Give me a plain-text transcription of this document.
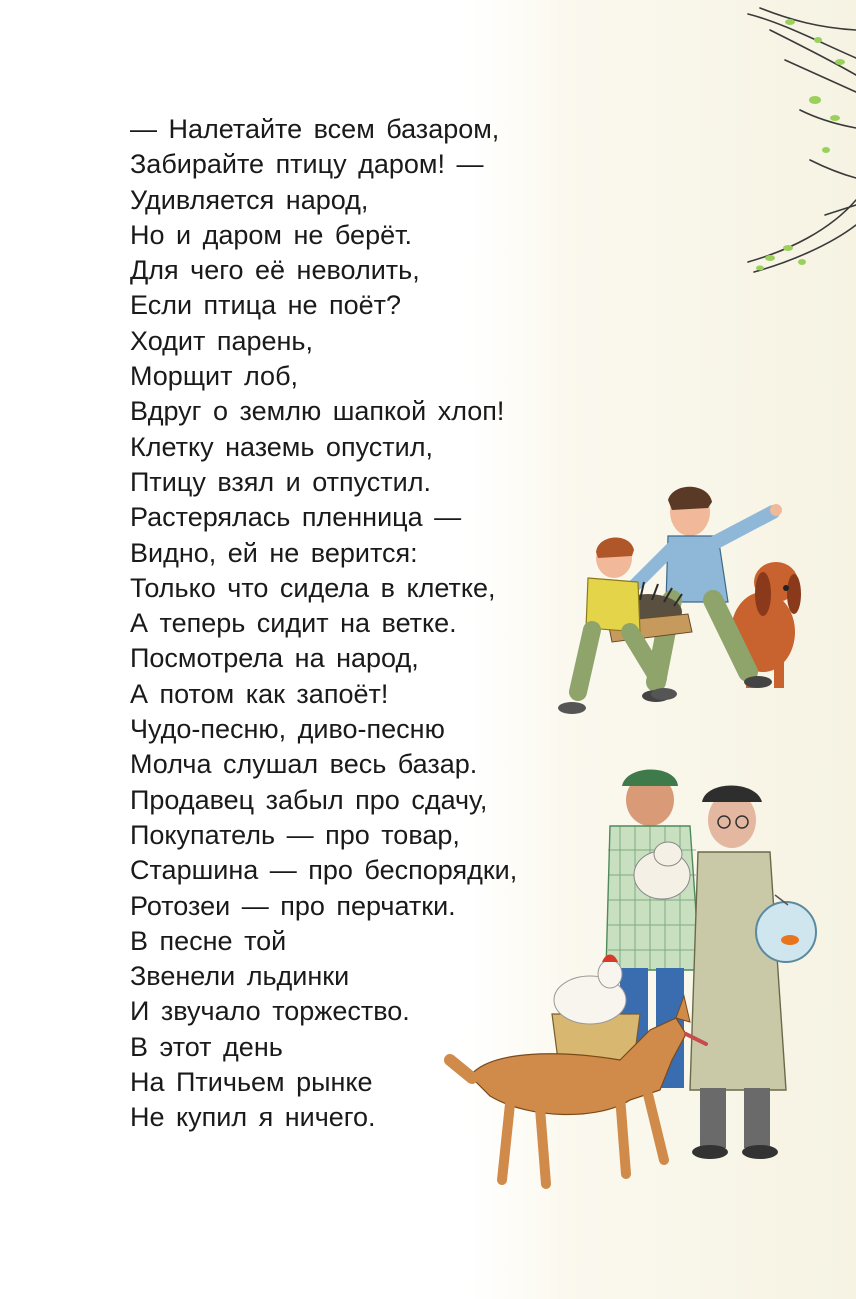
— Налетайте всем базаром,
Забирайте птицу даром! —
Удивляется народ,
Но и даром не берёт.
Для чего её неволить,
Если птица не поёт?
Ходит парень,
Морщит лоб,
Вдруг о землю шапкой хлоп!
Клетку наземь опустил,
Птицу взял и отпустил.
Растерялась пленница —
Видно, ей не верится:
Только что сидела в клетке,
А теперь сидит на ветке.
Посмотрела на народ,
А потом как запоёт!
Чудо-песню, диво-песню
Молча слушал весь базар.
Продавец забыл про сдачу,
Покупатель — про товар,
Старшина — про беспорядки,
Ротозеи — про перчатки.
В песне той
Звенели льдинки
И звучало торжество.
В этот день
На Птичьем рынке
Не купил я ничего.
